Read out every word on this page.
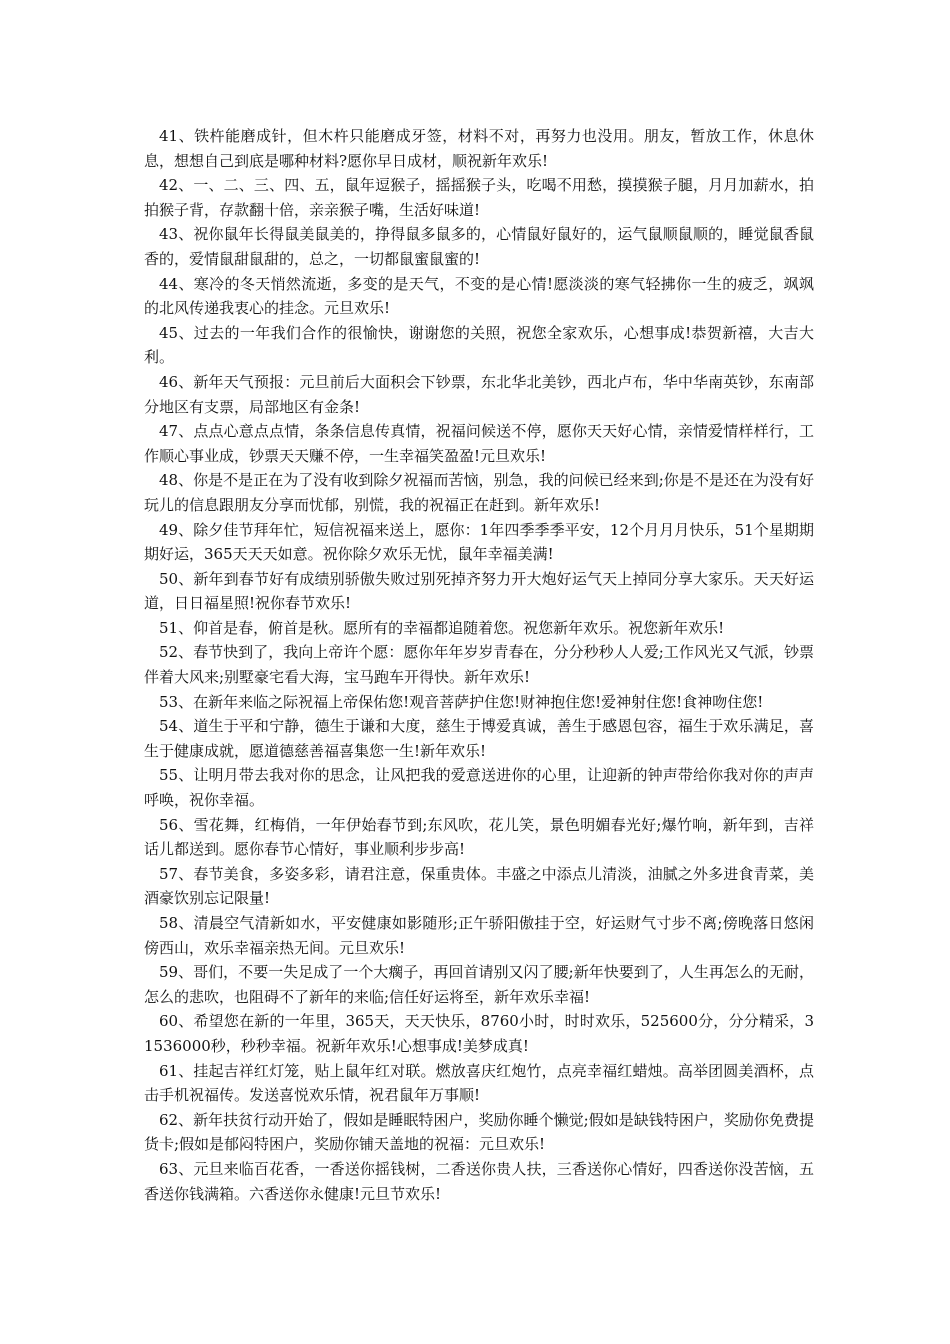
41、铁杵能磨成针，但木杵只能磨成牙签，材料不对，再努力也没用。朋友，暂放工作，休息休息，想想自己到底是哪种材料?愿你早日成材，顺祝新年欢乐!

42、一、二、三、四、五，鼠年逗猴子，摇摇猴子头，吃喝不用愁，摸摸猴子腿，月月加薪水，拍拍猴子背，存款翻十倍，亲亲猴子嘴，生活好味道!

43、祝你鼠年长得鼠美鼠美的，挣得鼠多鼠多的，心情鼠好鼠好的，运气鼠顺鼠顺的，睡觉鼠香鼠香的，爱情鼠甜鼠甜的，总之，一切都鼠蜜鼠蜜的!

44、寒冷的冬天悄然流逝，多变的是天气，不变的是心情!愿淡淡的寒气轻拂你一生的疲乏，飒飒的北风传递我衷心的挂念。元旦欢乐!

45、过去的一年我们合作的很愉快，谢谢您的关照，祝您全家欢乐，心想事成!恭贺新禧，大吉大利。

46、新年天气预报：元旦前后大面积会下钞票，东北华北美钞，西北卢布，华中华南英钞，东南部分地区有支票，局部地区有金条!

47、点点心意点点情，条条信息传真情，祝福问候送不停，愿你天天好心情，亲情爱情样样行，工作顺心事业成，钞票天天赚不停，一生幸福笑盈盈!元旦欢乐!

48、你是不是正在为了没有收到除夕祝福而苦恼，别急，我的问候已经来到;你是不是还在为没有好玩儿的信息跟朋友分享而忧郁，别慌，我的祝福正在赶到。新年欢乐!

49、除夕佳节拜年忙，短信祝福来送上，愿你：1年四季季季平安，12个月月月快乐，51个星期期期好运，365天天天如意。祝你除夕欢乐无忧，鼠年幸福美满!

50、新年到春节好有成绩别骄傲失败过别死掉齐努力开大炮好运气天上掉同分享大家乐。天天好运道，日日福星照!祝你春节欢乐!

51、仰首是春，俯首是秋。愿所有的幸福都追随着您。祝您新年欢乐。祝您新年欢乐!

52、春节快到了，我向上帝许个愿：愿你年年岁岁青春在，分分秒秒人人爱;工作风光又气派，钞票伴着大风来;别墅豪宅看大海，宝马跑车开得快。新年欢乐!

53、在新年来临之际祝福上帝保佑您!观音菩萨护住您!财神抱住您!爱神射住您!食神吻住您!

54、道生于平和宁静，德生于谦和大度，慈生于博爱真诚，善生于感恩包容，福生于欢乐满足，喜生于健康成就，愿道德慈善福喜集您一生!新年欢乐!

55、让明月带去我对你的思念，让风把我的爱意送进你的心里，让迎新的钟声带给你我对你的声声呼唤，祝你幸福。

56、雪花舞，红梅俏，一年伊始春节到;东风吹，花儿笑，景色明媚春光好;爆竹响，新年到，吉祥话儿都送到。愿你春节心情好，事业顺利步步高!

57、春节美食，多姿多彩，请君注意，保重贵体。丰盛之中添点儿清淡，油腻之外多进食青菜，美酒豪饮别忘记限量!

58、清晨空气清新如水，平安健康如影随形;正午骄阳傲挂于空，好运财气寸步不离;傍晚落日悠闲傍西山，欢乐幸福亲热无间。元旦欢乐!

59、哥们，不要一失足成了一个大瘸子，再回首请别又闪了腰;新年快要到了，人生再怎么的无耐，怎么的悲吹，也阻碍不了新年的来临;信任好运将至，新年欢乐幸福!

60、希望您在新的一年里，365天，天天快乐，8760小时，时时欢乐，525600分，分分精采，31536000秒，秒秒幸福。祝新年欢乐!心想事成!美梦成真!

61、挂起吉祥红灯笼，贴上鼠年红对联。燃放喜庆红炮竹，点亮幸福红蜡烛。高举团圆美酒杯，点击手机祝福传。发送喜悦欢乐情，祝君鼠年万事顺!

62、新年扶贫行动开始了，假如是睡眠特困户，奖励你睡个懒觉;假如是缺钱特困户，奖励你免费提货卡;假如是郁闷特困户，奖励你铺天盖地的祝福：元旦欢乐!

63、元旦来临百花香，一香送你摇钱树，二香送你贵人扶，三香送你心情好，四香送你没苦恼，五香送你钱满箱。六香送你永健康!元旦节欢乐!
